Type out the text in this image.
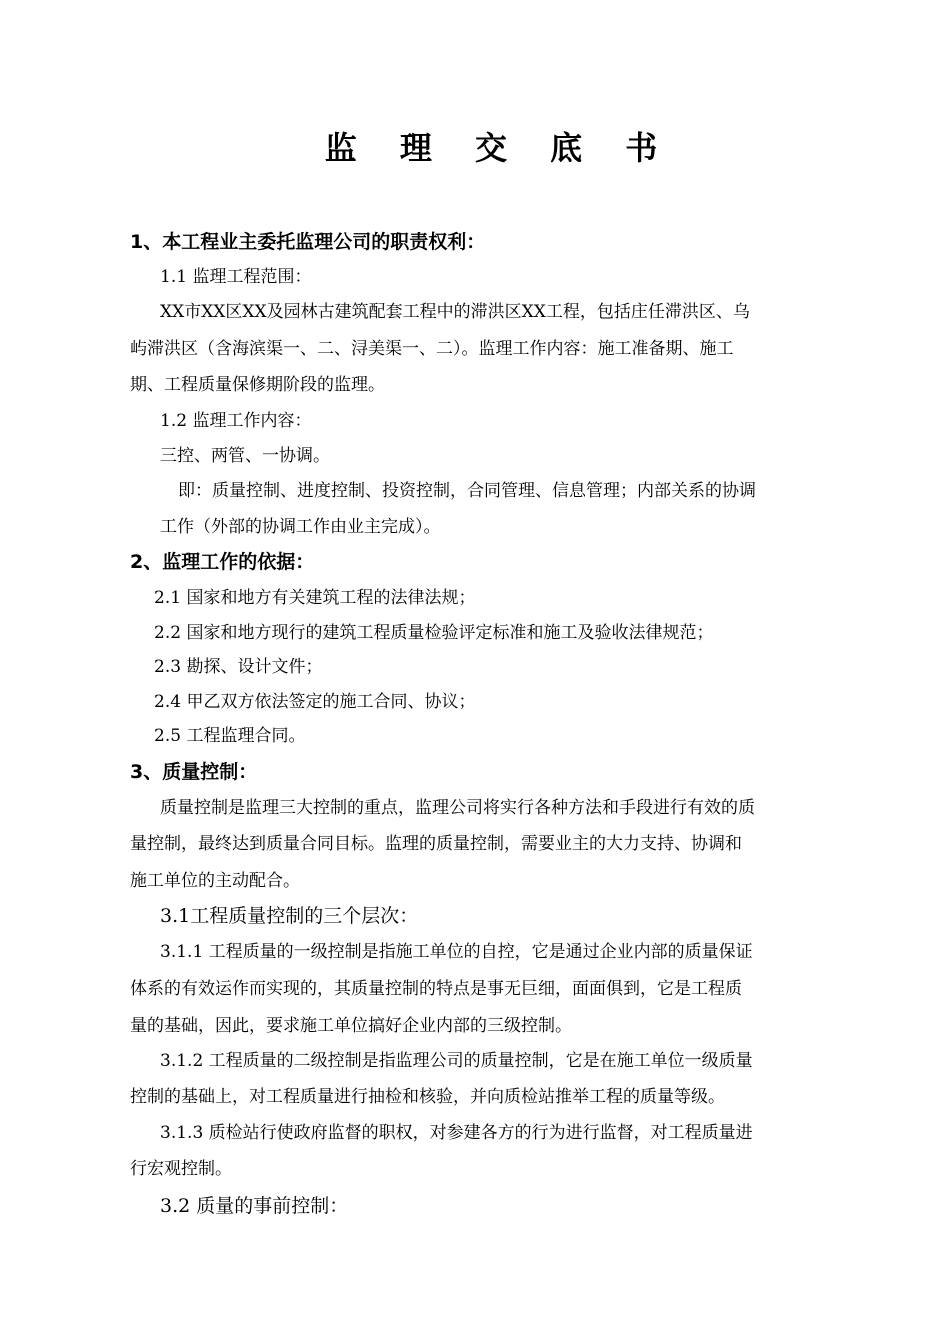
监 理 交 底 书
1、本工程业主委托监理公司的职责权利：
1.1 监理工程范围：
XX市XX区XX及园林古建筑配套工程中的滞洪区XX工程，包括庄任滞洪区、乌
屿滞洪区（含海滨渠一、二、浔美渠一、二）。监理工作内容：施工准备期、施工
期、工程质量保修期阶段的监理。
1.2 监理工作内容：
三控、两管、一协调。
即：质量控制、进度控制、投资控制，合同管理、信息管理；内部关系的协调
工作（外部的协调工作由业主完成）。
2、监理工作的依据：
2.1 国家和地方有关建筑工程的法律法规；
2.2 国家和地方现行的建筑工程质量检验评定标准和施工及验收法律规范；
2.3 勘探、设计文件；
2.4 甲乙双方依法签定的施工合同、协议；
2.5 工程监理合同。
3、质量控制：
质量控制是监理三大控制的重点，监理公司将实行各种方法和手段进行有效的质
量控制，最终达到质量合同目标。监理的质量控制，需要业主的大力支持、协调和
施工单位的主动配合。
3.1工程质量控制的三个层次：
3.1.1 工程质量的一级控制是指施工单位的自控，它是通过企业内部的质量保证
体系的有效运作而实现的，其质量控制的特点是事无巨细，面面俱到，它是工程质
量的基础，因此，要求施工单位搞好企业内部的三级控制。
3.1.2 工程质量的二级控制是指监理公司的质量控制，它是在施工单位一级质量
控制的基础上，对工程质量进行抽检和核验，并向质检站推举工程的质量等级。
3.1.3 质检站行使政府监督的职权，对参建各方的行为进行监督，对工程质量进
行宏观控制。
3.2 质量的事前控制：
